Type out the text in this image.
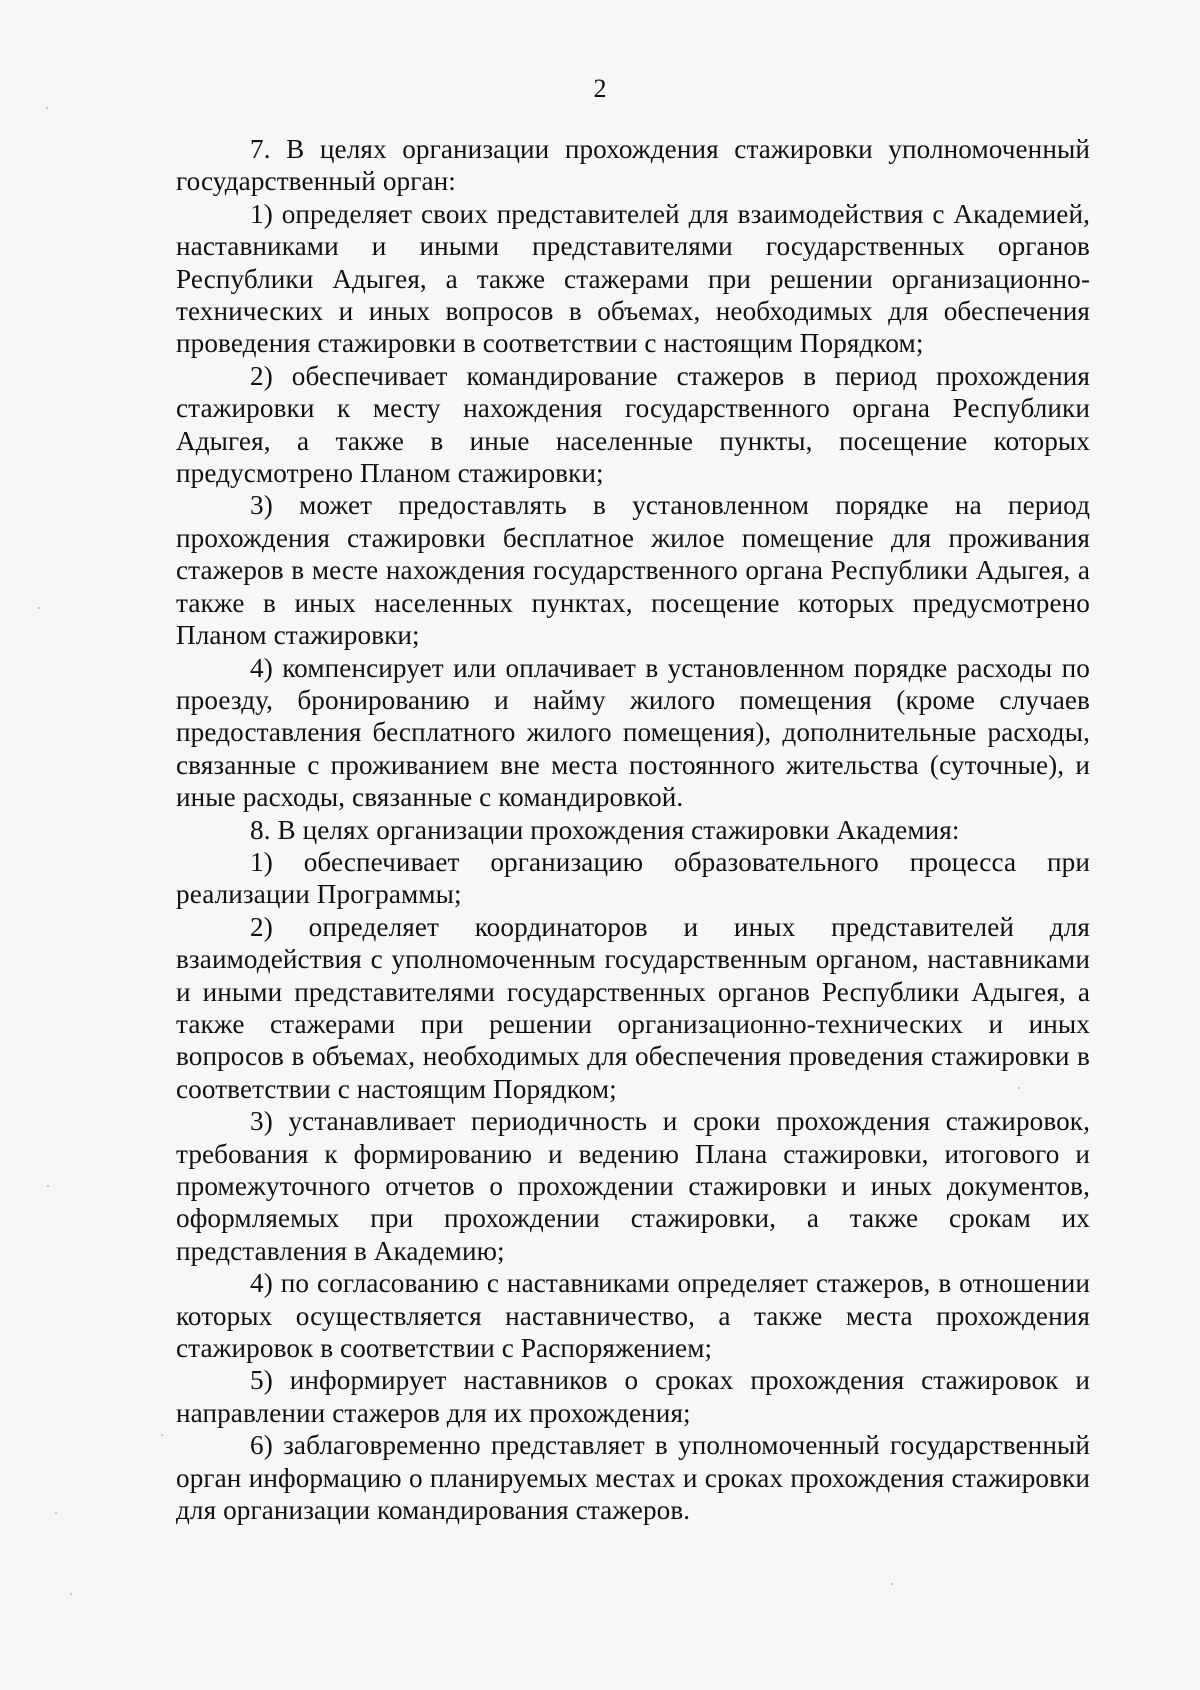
2

7. В целях организации прохождения стажировки уполномоченный государственный орган:

1) определяет своих представителей для взаимодействия с Академией, наставниками и иными представителями государственных органов Республики Адыгея, а также стажерами при решении организационно-технических и иных вопросов в объемах, необходимых для обеспечения проведения стажировки в соответствии с настоящим Порядком;

2) обеспечивает командирование стажеров в период прохождения стажировки к месту нахождения государственного органа Республики Адыгея, а также в иные населенные пункты, посещение которых предусмотрено Планом стажировки;

3) может предоставлять в установленном порядке на период прохождения стажировки бесплатное жилое помещение для проживания стажеров в месте нахождения государственного органа Республики Адыгея, а также в иных населенных пунктах, посещение которых предусмотрено Планом стажировки;

4) компенсирует или оплачивает в установленном порядке расходы по проезду, бронированию и найму жилого помещения (кроме случаев предоставления бесплатного жилого помещения), дополнительные расходы, связанные с проживанием вне места постоянного жительства (суточные), и иные расходы, связанные с командировкой.

8. В целях организации прохождения стажировки Академия:

1) обеспечивает организацию образовательного процесса при реализации Программы;

2) определяет координаторов и иных представителей для взаимодействия с уполномоченным государственным органом, наставниками и иными представителями государственных органов Республики Адыгея, а также стажерами при решении организационно-технических и иных вопросов в объемах, необходимых для обеспечения проведения стажировки в соответствии с настоящим Порядком;

3) устанавливает периодичность и сроки прохождения стажировок, требования к формированию и ведению Плана стажировки, итогового и промежуточного отчетов о прохождении стажировки и иных документов, оформляемых при прохождении стажировки, а также срокам их представления в Академию;

4) по согласованию с наставниками определяет стажеров, в отношении которых осуществляется наставничество, а также места прохождения стажировок в соответствии с Распоряжением;

5) информирует наставников о сроках прохождения стажировок и направлении стажеров для их прохождения;

6) заблаговременно представляет в уполномоченный государственный орган информацию о планируемых местах и сроках прохождения стажировки для организации командирования стажеров.
